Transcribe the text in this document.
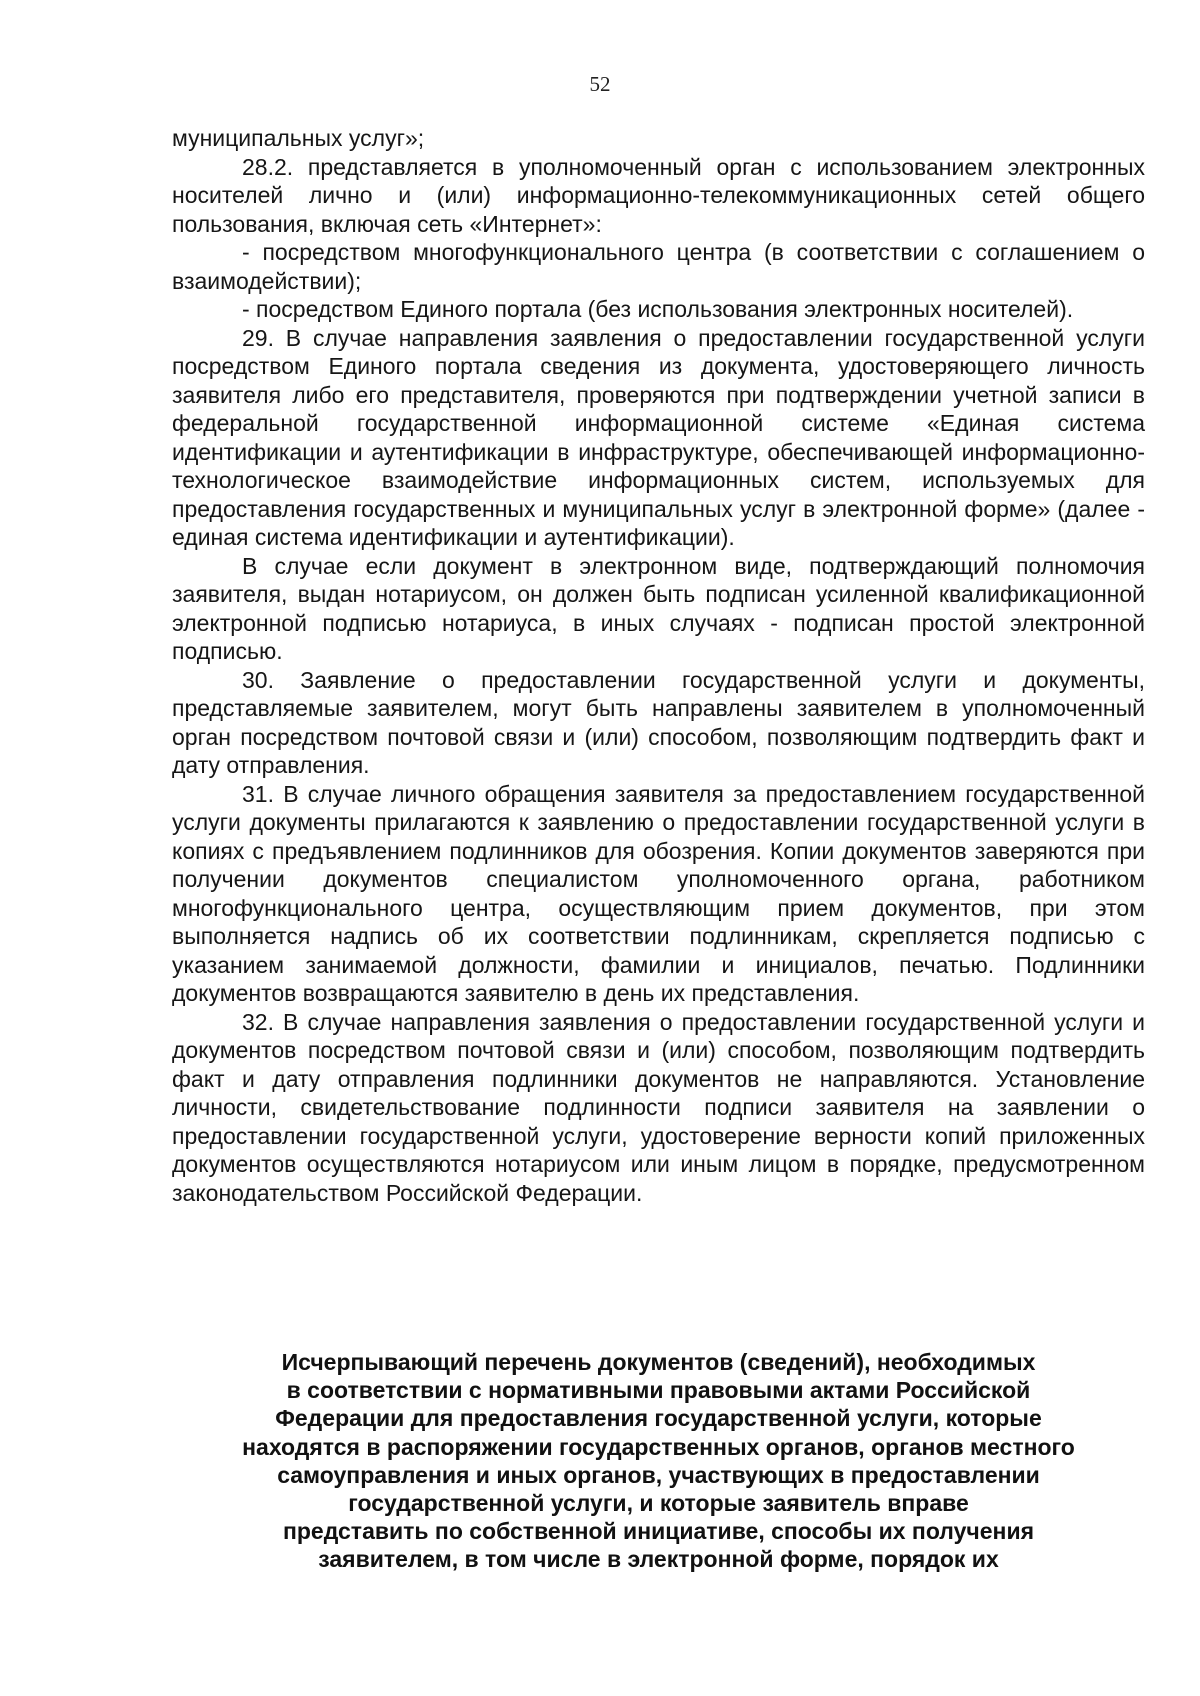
52

муниципальных услуг»;

28.2. представляется в уполномоченный орган с использованием электронных носителей лично и (или) информационно-телекоммуникационных сетей общего пользования, включая сеть «Интернет»:

- посредством многофункционального центра (в соответствии с соглашением о взаимодействии);

- посредством Единого портала (без использования электронных носителей).

29. В случае направления заявления о предоставлении государственной услуги посредством Единого портала сведения из документа, удостоверяющего личность заявителя либо его представителя, проверяются при подтверждении учетной записи в федеральной государственной информационной системе «Единая система идентификации и аутентификации в инфраструктуре, обеспечивающей информационно-технологическое взаимодействие информационных систем, используемых для предоставления государственных и муниципальных услуг в электронной форме» (далее - единая система идентификации и аутентификации).

В случае если документ в электронном виде, подтверждающий полномочия заявителя, выдан нотариусом, он должен быть подписан усиленной квалификационной электронной подписью нотариуса, в иных случаях - подписан простой электронной подписью.

30. Заявление о предоставлении государственной услуги и документы, представляемые заявителем, могут быть направлены заявителем в уполномоченный орган посредством почтовой связи и (или) способом, позволяющим подтвердить факт и дату отправления.

31. В случае личного обращения заявителя за предоставлением государственной услуги документы прилагаются к заявлению о предоставлении государственной услуги в копиях с предъявлением подлинников для обозрения. Копии документов заверяются при получении документов специалистом уполномоченного органа, работником многофункционального центра, осуществляющим прием документов, при этом выполняется надпись об их соответствии подлинникам, скрепляется подписью с указанием занимаемой должности, фамилии и инициалов, печатью. Подлинники документов возвращаются заявителю в день их представления.

32. В случае направления заявления о предоставлении государственной услуги и документов посредством почтовой связи и (или) способом, позволяющим подтвердить факт и дату отправления подлинники документов не направляются. Установление личности, свидетельствование подлинности подписи заявителя на заявлении о предоставлении государственной услуги, удостоверение верности копий приложенных документов осуществляются нотариусом или иным лицом в порядке, предусмотренном законодательством Российской Федерации.

Исчерпывающий перечень документов (сведений), необходимых
в соответствии с нормативными правовыми актами Российской
Федерации для предоставления государственной услуги, которые
находятся в распоряжении государственных органов, органов местного
самоуправления и иных органов, участвующих в предоставлении
государственной услуги, и которые заявитель вправе
представить по собственной инициативе, способы их получения
заявителем, в том числе в электронной форме, порядок их
